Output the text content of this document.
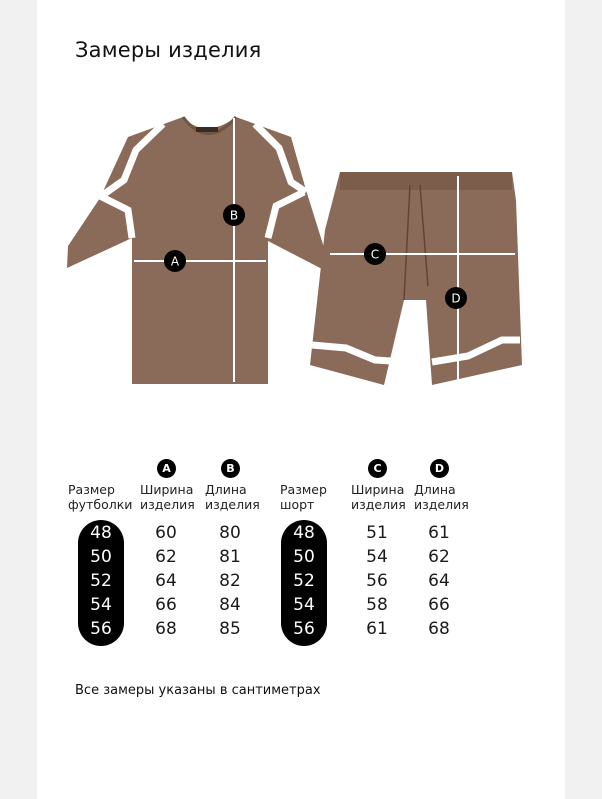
Замеры изделия
A
B
C
D
Размер
футболки
A
Ширина
изделия
B
Длина
изделия
48
50
52
54
56
60
62
64
66
68
80
81
82
84
85
Размер
шорт
C
Ширина
изделия
D
Длина
изделия
48
50
52
54
56
51
54
56
58
61
61
62
64
66
68
Все замеры указаны в сантиметрах
